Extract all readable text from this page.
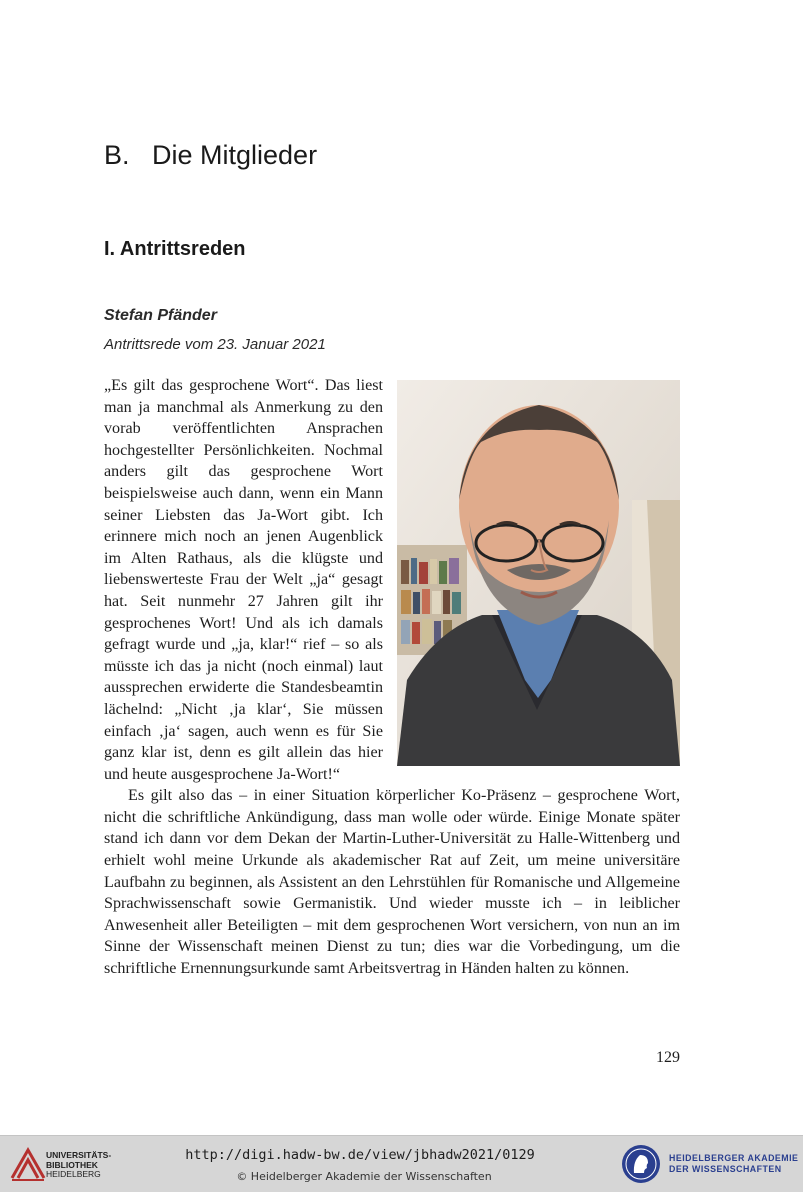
B. Die Mitglieder
I. Antrittsreden
Stefan Pfänder
Antrittsrede vom 23. Januar 2021

„Es gilt das gesprochene Wort“. Das liest man ja manchmal als Anmerkung zu den vorab veröffentlichten Ansprachen hochgestellter Persönlichkeiten. Nochmal anders gilt das gesprochene Wort beispielsweise auch dann, wenn ein Mann seiner Liebsten das Ja-Wort gibt. Ich erinnere mich noch an jenen Augenblick im Alten Rathaus, als die klügste und liebenswerteste Frau der Welt „ja“ gesagt hat. Seit nunmehr 27 Jahren gilt ihr gesprochenes Wort! Und als ich damals gefragt wurde und „ja, klar!“ rief – so als müsste ich das ja nicht (noch einmal) laut aussprechen erwiderte die Standesbeamtin lächelnd: „Nicht ‚ja klar‘, Sie müssen einfach ‚ja‘ sagen, auch wenn es für Sie ganz klar ist, denn es gilt allein das hier und heute ausgesprochene Ja-Wort!“

Es gilt also das – in einer Situation körperlicher Ko-Präsenz – gesprochene Wort, nicht die schriftliche Ankündigung, dass man wolle oder würde. Einige Monate später stand ich dann vor dem Dekan der Martin-Luther-Universität zu Halle-Wittenberg und erhielt wohl meine Urkunde als akademischer Rat auf Zeit, um meine universitäre Laufbahn zu beginnen, als Assistent an den Lehrstühlen für Romanische und Allgemeine Sprachwissenschaft sowie Germanistik. Und wieder musste ich – in leiblicher Anwesenheit aller Beteiligten – mit dem gesprochenen Wort versichern, von nun an im Sinne der Wissenschaft meinen Dienst zu tun; dies war die Vorbedingung, um die schriftliche Ernennungsurkunde samt Arbeitsvertrag in Händen halten zu können.

129
UNIVERSITÄTS-
BIBLIOTHEK
HEIDELBERG
http://digi.hadw-bw.de/view/jbhadw2021/0129
© Heidelberger Akademie der Wissenschaften
HEIDELBERGER AKADEMIE
DER WISSENSCHAFTEN
